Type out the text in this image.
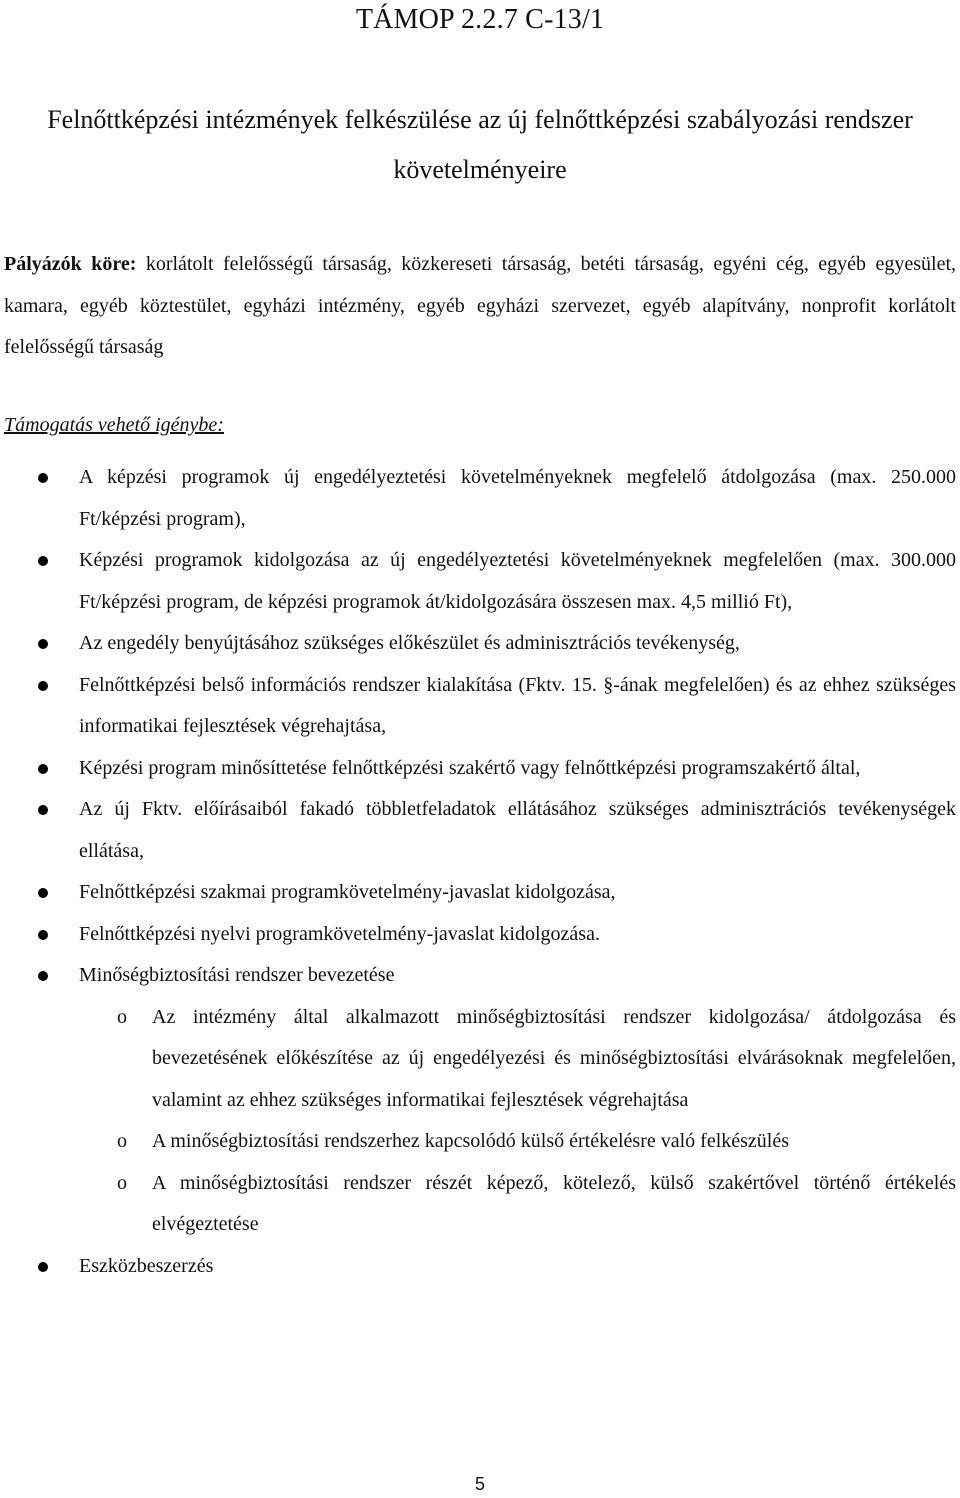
TÁMOP 2.2.7 C-13/1
Felnőttképzési intézmények felkészülése az új felnőttképzési szabályozási rendszer követelményeire
Pályázók köre: korlátolt felelősségű társaság, közkereseti társaság, betéti társaság, egyéni cég, egyéb egyesület, kamara, egyéb köztestület, egyházi intézmény, egyéb egyházi szervezet, egyéb alapítvány, nonprofit korlátolt felelősségű társaság
Támogatás vehető igénybe:
A képzési programok új engedélyeztetési követelményeknek megfelelő átdolgozása (max. 250.000 Ft/képzési program),
Képzési programok kidolgozása az új engedélyeztetési követelményeknek megfelelően (max. 300.000 Ft/képzési program, de képzési programok át/kidolgozására összesen max. 4,5 millió Ft),
Az engedély benyújtásához szükséges előkészület és adminisztrációs tevékenység,
Felnőttképzési belső információs rendszer kialakítása (Fktv. 15. §-ának megfelelően) és az ehhez szükséges informatikai fejlesztések végrehajtása,
Képzési program minősíttetése felnőttképzési szakértő vagy felnőttképzési programszakértő által,
Az új Fktv. előírásaiból fakadó többletfeladatok ellátásához szükséges adminisztrációs tevékenységek ellátása,
Felnőttképzési szakmai programkövetelmény-javaslat kidolgozása,
Felnőttképzési nyelvi programkövetelmény-javaslat kidolgozása.
Minőségbiztosítási rendszer bevezetése
o Az intézmény által alkalmazott minőségbiztosítási rendszer kidolgozása/ átdolgozása és bevezetésének előkészítése az új engedélyezési és minőségbiztosítási elvárásoknak megfelelően, valamint az ehhez szükséges informatikai fejlesztések végrehajtása
o A minőségbiztosítási rendszerhez kapcsolódó külső értékelésre való felkészülés
o A minőségbiztosítási rendszer részét képező, kötelező, külső szakértővel történő értékelés elvégeztetése
Eszközbeszerzés
5
